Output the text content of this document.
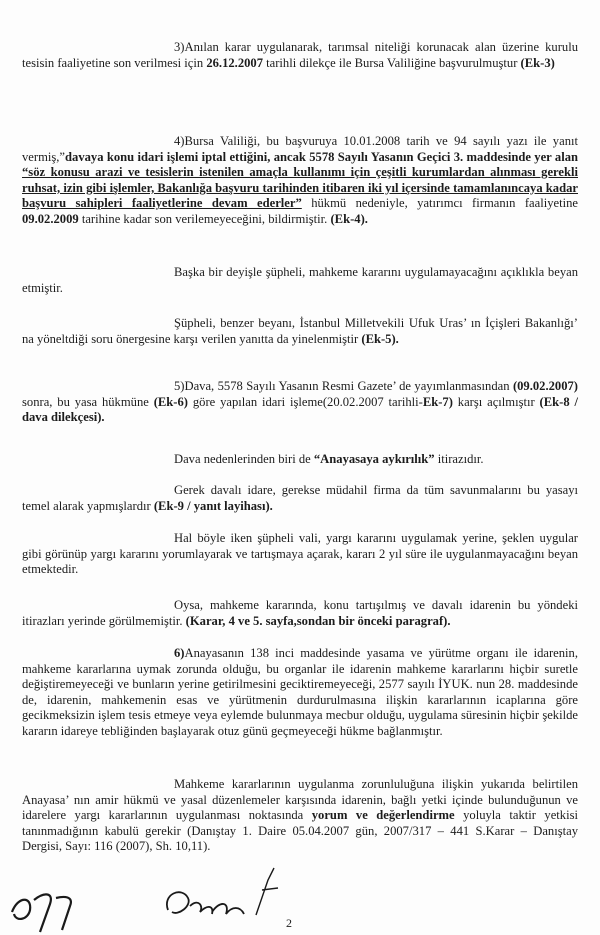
3)Anılan karar uygulanarak, tarımsal niteliği korunacak alan üzerine kurulu tesisin faaliyetine son verilmesi için 26.12.2007 tarihli dilekçe ile Bursa Valiliğine başvurulmuştur (Ek-3)

4)Bursa Valiliği, bu başvuruya 10.01.2008 tarih ve 94 sayılı yazı ile yanıt vermiş,”davaya konu idari işlemi iptal ettiğini, ancak 5578 Sayılı Yasanın Geçici 3. maddesinde yer alan “söz konusu arazi ve tesislerin istenilen amaçla kullanımı için çeşitli kurumlardan alınması gerekli ruhsat, izin gibi işlemler, Bakanlığa başvuru tarihinden itibaren iki yıl içersinde tamamlanıncaya kadar başvuru sahipleri faaliyetlerine devam ederler” hükmü nedeniyle, yatırımcı firmanın faaliyetine 09.02.2009 tarihine kadar son verilemeyeceğini, bildirmiştir. (Ek-4).

Başka bir deyişle şüpheli, mahkeme kararını uygulamayacağını açıklıkla beyan etmiştir.

Şüpheli, benzer beyanı, İstanbul Milletvekili Ufuk Uras’ ın İçişleri Bakanlığı’ na yöneltdiği soru önergesine karşı verilen yanıtta da yinelenmiştir (Ek-5).

5)Dava, 5578 Sayılı Yasanın Resmi Gazete’ de yayımlanmasından (09.02.2007) sonra, bu yasa hükmüne (Ek-6) göre yapılan idari işleme(20.02.2007 tarihli-Ek-7) karşı açılmıştır (Ek-8 / dava dilekçesi).

Dava nedenlerinden biri de “Anayasaya aykırılık” itirazıdır.

Gerek davalı idare, gerekse müdahil firma da tüm savunmalarını bu yasayı temel alarak yapmışlardır (Ek-9 / yanıt layihası).

Hal böyle iken şüpheli vali, yargı kararını uygulamak yerine, şeklen uygular gibi görünüp yargı kararını yorumlayarak ve tartışmaya açarak, kararı 2 yıl süre ile uygulanmayacağını beyan etmektedir.

Oysa, mahkeme kararında, konu tartışılmış ve davalı idarenin bu yöndeki itirazları yerinde görülmemiştir. (Karar, 4 ve 5. sayfa,sondan bir önceki paragraf).

6)Anayasanın 138 inci maddesinde yasama ve yürütme organı ile idarenin, mahkeme kararlarına uymak zorunda olduğu, bu organlar ile idarenin mahkeme kararlarını hiçbir suretle değiştiremeyeceği ve bunların yerine getirilmesini geciktiremeyeceği, 2577 sayılı İYUK. nun 28. maddesinde de, idarenin, mahkemenin esas ve yürütmenin durdurulmasına ilişkin kararlarının icaplarına göre gecikmeksizin işlem tesis etmeye veya eylemde bulunmaya mecbur olduğu, uygulama süresinin hiçbir şekilde kararın idareye tebliğinden başlayarak otuz günü geçmeyeceği hükme bağlanmıştır.

Mahkeme kararlarının uygulanma zorunluluğuna ilişkin yukarıda belirtilen Anayasa’ nın amir hükmü ve yasal düzenlemeler karşısında idarenin, bağlı yetki içinde bulunduğunun ve idarelere yargı kararlarının uygulanması noktasında yorum ve değerlendirme yoluyla taktir yetkisi tanınmadığının kabulü gerekir (Danıştay 1. Daire 05.04.2007 gün, 2007/317 – 441 S.Karar – Danıştay Dergisi, Sayı: 116 (2007), Sh. 10,11).

2
